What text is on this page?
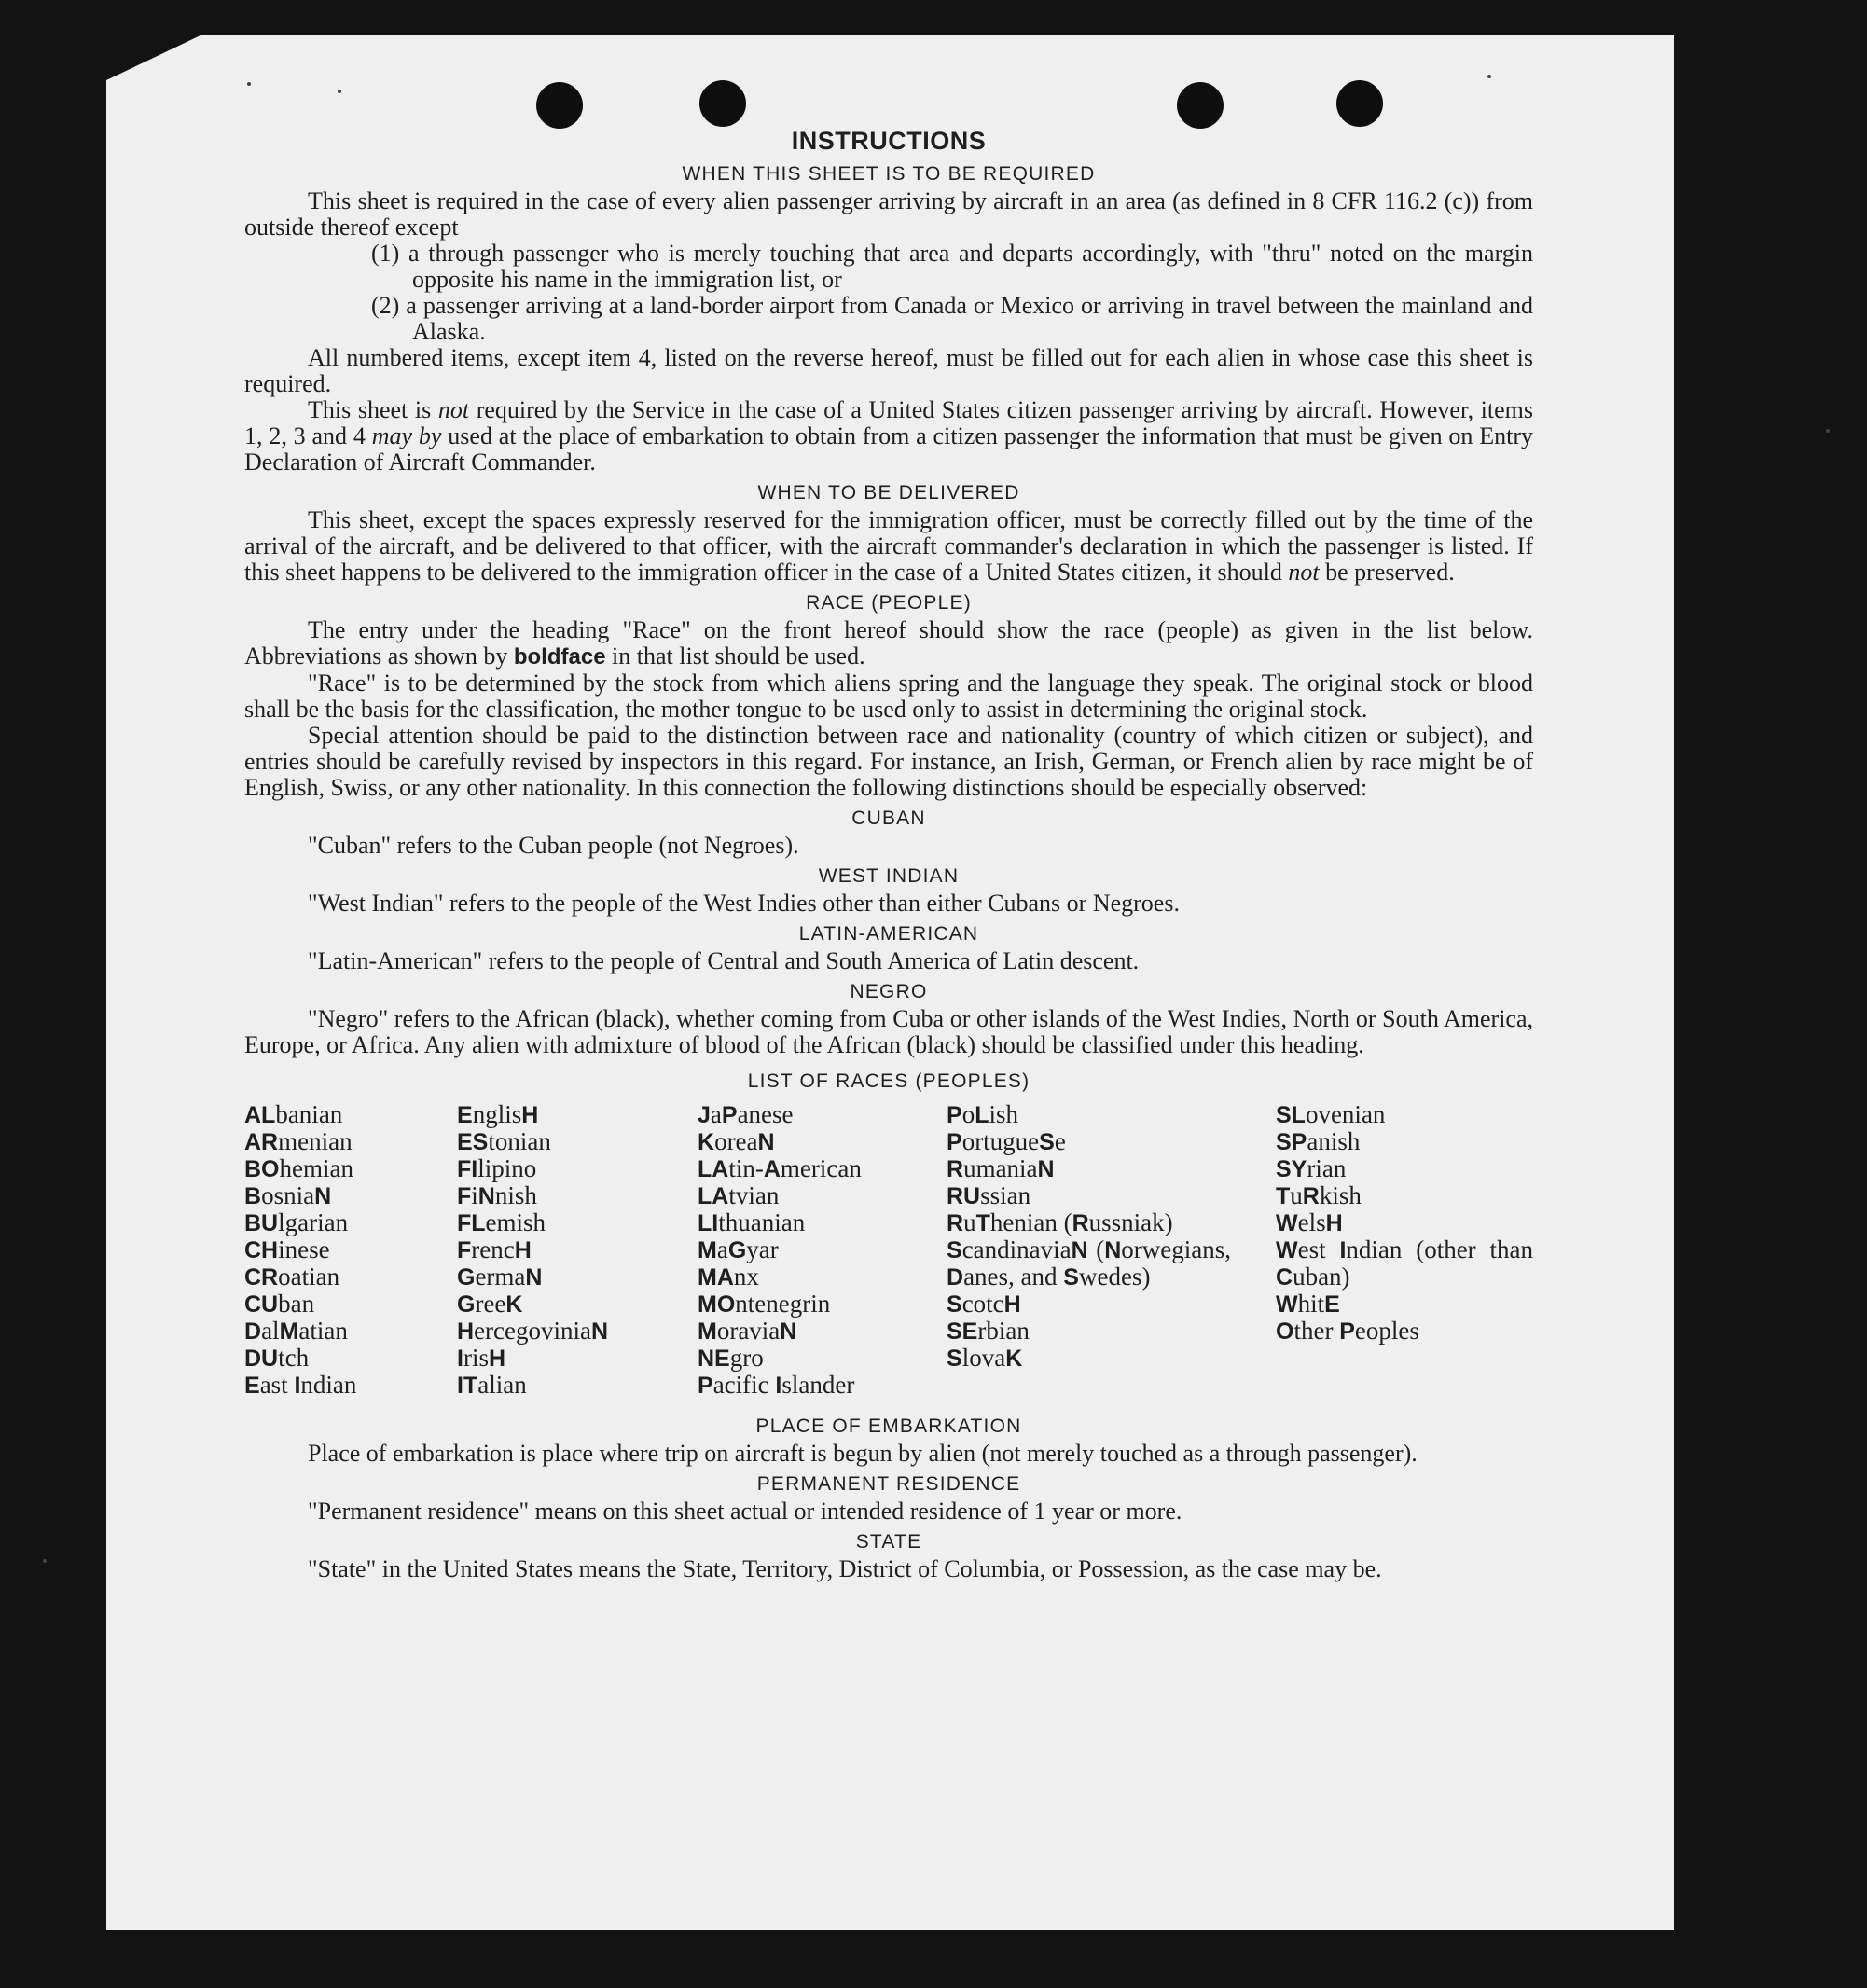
INSTRUCTIONS
WHEN THIS SHEET IS TO BE REQUIRED

This sheet is required in the case of every alien passenger arriving by aircraft in an area (as defined in 8 CFR 116.2 (c)) from outside thereof except

(1) a through passenger who is merely touching that area and departs accordingly, with "thru" noted on the margin opposite his name in the immigration list, or

(2) a passenger arriving at a land-border airport from Canada or Mexico or arriving in travel between the mainland and Alaska.

All numbered items, except item 4, listed on the reverse hereof, must be filled out for each alien in whose case this sheet is required.

This sheet is not required by the Service in the case of a United States citizen passenger arriving by aircraft. However, items 1, 2, 3 and 4 may by used at the place of embarkation to obtain from a citizen passenger the information that must be given on Entry Declaration of Aircraft Commander.

WHEN TO BE DELIVERED

This sheet, except the spaces expressly reserved for the immigration officer, must be correctly filled out by the time of the arrival of the aircraft, and be delivered to that officer, with the aircraft commander's declaration in which the passenger is listed. If this sheet happens to be delivered to the immigration officer in the case of a United States citizen, it should not be preserved.

RACE (PEOPLE)

The entry under the heading "Race" on the front hereof should show the race (people) as given in the list below. Abbreviations as shown by boldface in that list should be used.

"Race" is to be determined by the stock from which aliens spring and the language they speak. The original stock or blood shall be the basis for the classification, the mother tongue to be used only to assist in determining the original stock.

Special attention should be paid to the distinction between race and nationality (country of which citizen or subject), and entries should be carefully revised by inspectors in this regard. For instance, an Irish, German, or French alien by race might be of English, Swiss, or any other nationality. In this connection the following distinctions should be especially observed:

CUBAN

"Cuban" refers to the Cuban people (not Negroes).

WEST INDIAN

"West Indian" refers to the people of the West Indies other than either Cubans or Negroes.

LATIN-AMERICAN

"Latin-American" refers to the people of Central and South America of Latin descent.

NEGRO

"Negro" refers to the African (black), whether coming from Cuba or other islands of the West Indies, North or South America, Europe, or Africa. Any alien with admixture of blood of the African (black) should be classified under this heading.

LIST OF RACES (PEOPLES)
ALbanian
ARmenian
BOhemian
BosniaN
BUlgarian
CHinese
CRoatian
CUban
DalMatian
DUtch
East Indian
EnglisH
EStonian
FIlipino
FiNnish
FLemish
FrencH
GermaN
GreeK
HercegoviniaN
IrisH
ITalian
JaPanese
KoreaN
LAtin-American
LAtvian
LIthuanian
MaGyar
MAnx
MOntenegrin
MoraviaN
NEgro
Pacific Islander
PoLish
PortugueSe
RumaniaN
RUssian
RuThenian (Russniak)
ScandinaviaN (Norwegians, Danes, and Swedes)
ScotcH
SErbian
SlovaK
SLovenian
SPanish
SYrian
TuRkish
WelsH
West Indian (other than Cuban)
WhitE
Other Peoples
PLACE OF EMBARKATION

Place of embarkation is place where trip on aircraft is begun by alien (not merely touched as a through passenger).

PERMANENT RESIDENCE

"Permanent residence" means on this sheet actual or intended residence of 1 year or more.

STATE

"State" in the United States means the State, Territory, District of Columbia, or Possession, as the case may be.
